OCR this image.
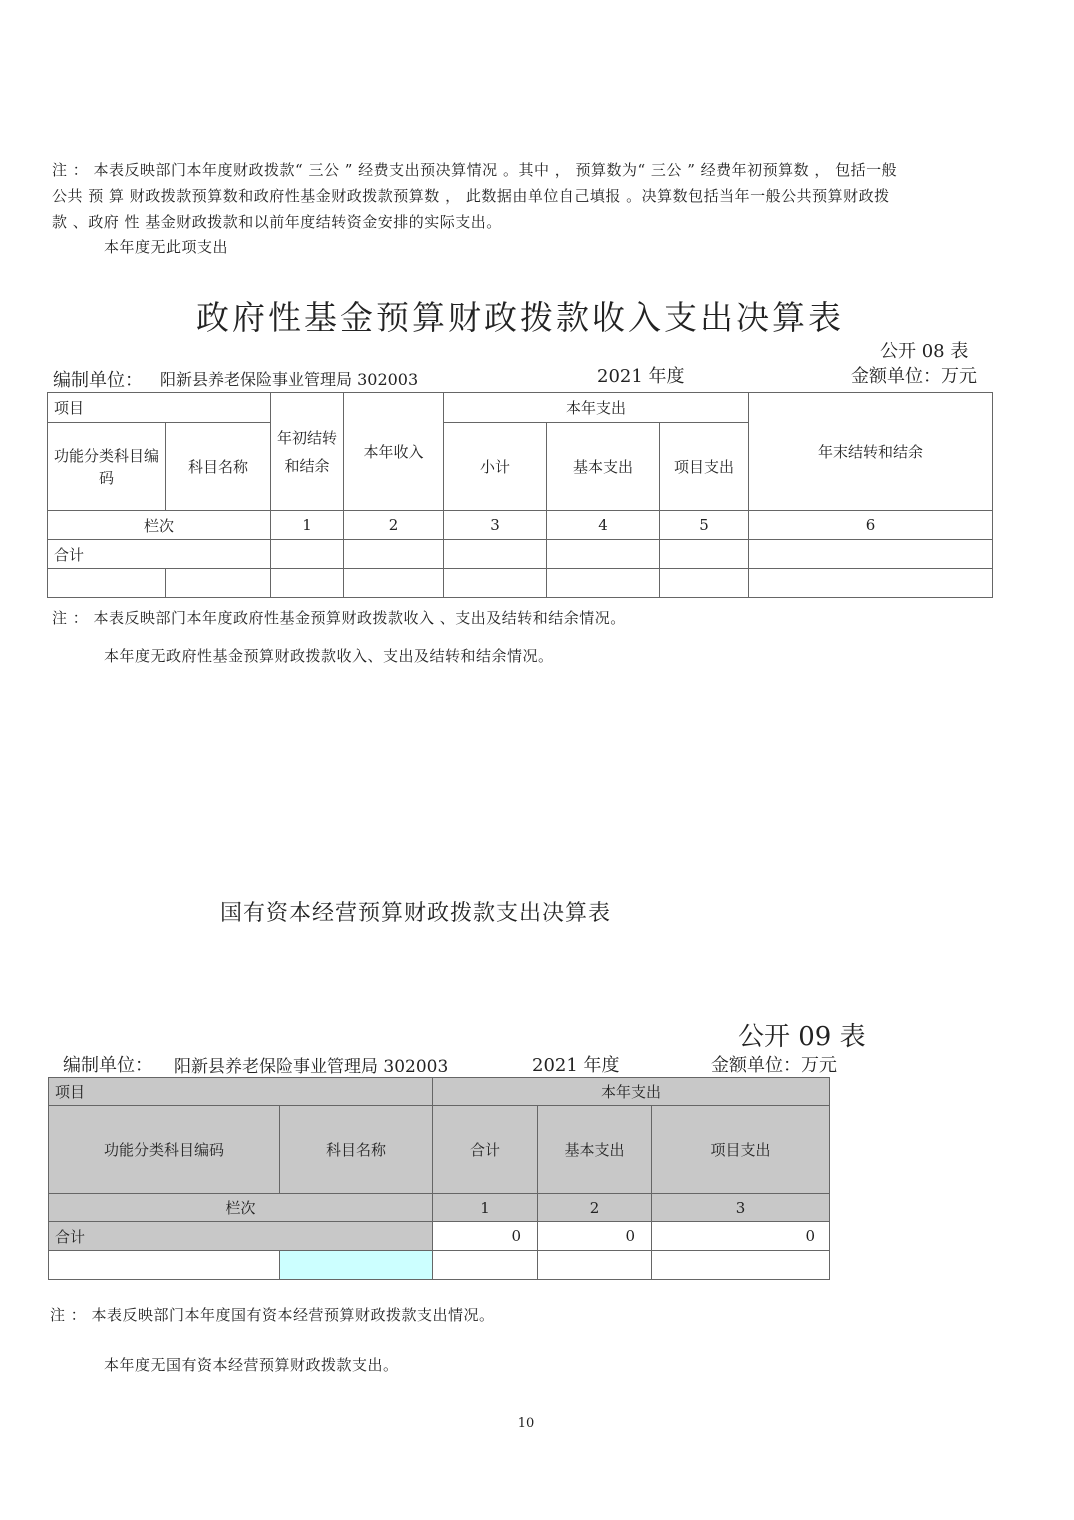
注 ： 本表反映部门本年度财政拨款“ 三公 ” 经费支出预决算情况 。其中 ， 预算数为“ 三公 ” 经费年初预算数 ， 包括一般
公共 预 算 财政拨款预算数和政府性基金财政拨款预算数 ， 此数据由单位自己填报 。决算数包括当年一般公共预算财政拨
款 、政府 性 基金财政拨款和以前年度结转资金安排的实际支出。
本年度无此项支出
政府性基金预算财政拨款收入支出决算表
公开 08 表
编制单位： 阳新县养老保险事业管理局 302003	2021 年度	金额单位：万元
项目		年初结转和结余	本年收入	本年支出			年末结转和结余
功能分类科目编码	科目名称			小计	基本支出	项目支出	
栏次		1	2	3	4	5	6
合计							

注 ： 本表反映部门本年度政府性基金预算财政拨款收入 、支出及结转和结余情况。
本年度无政府性基金预算财政拨款收入、支出及结转和结余情况。
国有资本经营预算财政拨款支出决算表
公开 09 表
编制单位： 阳新县养老保险事业管理局 302003	2021 年度	金额单位：万元
项目		本年支出		
功能分类科目编码	科目名称	合计	基本支出	项目支出
栏次		1	2	3
合计		0	0	0

注 ： 本表反映部门本年度国有资本经营预算财政拨款支出情况。
本年度无国有资本经营预算财政拨款支出。
10
